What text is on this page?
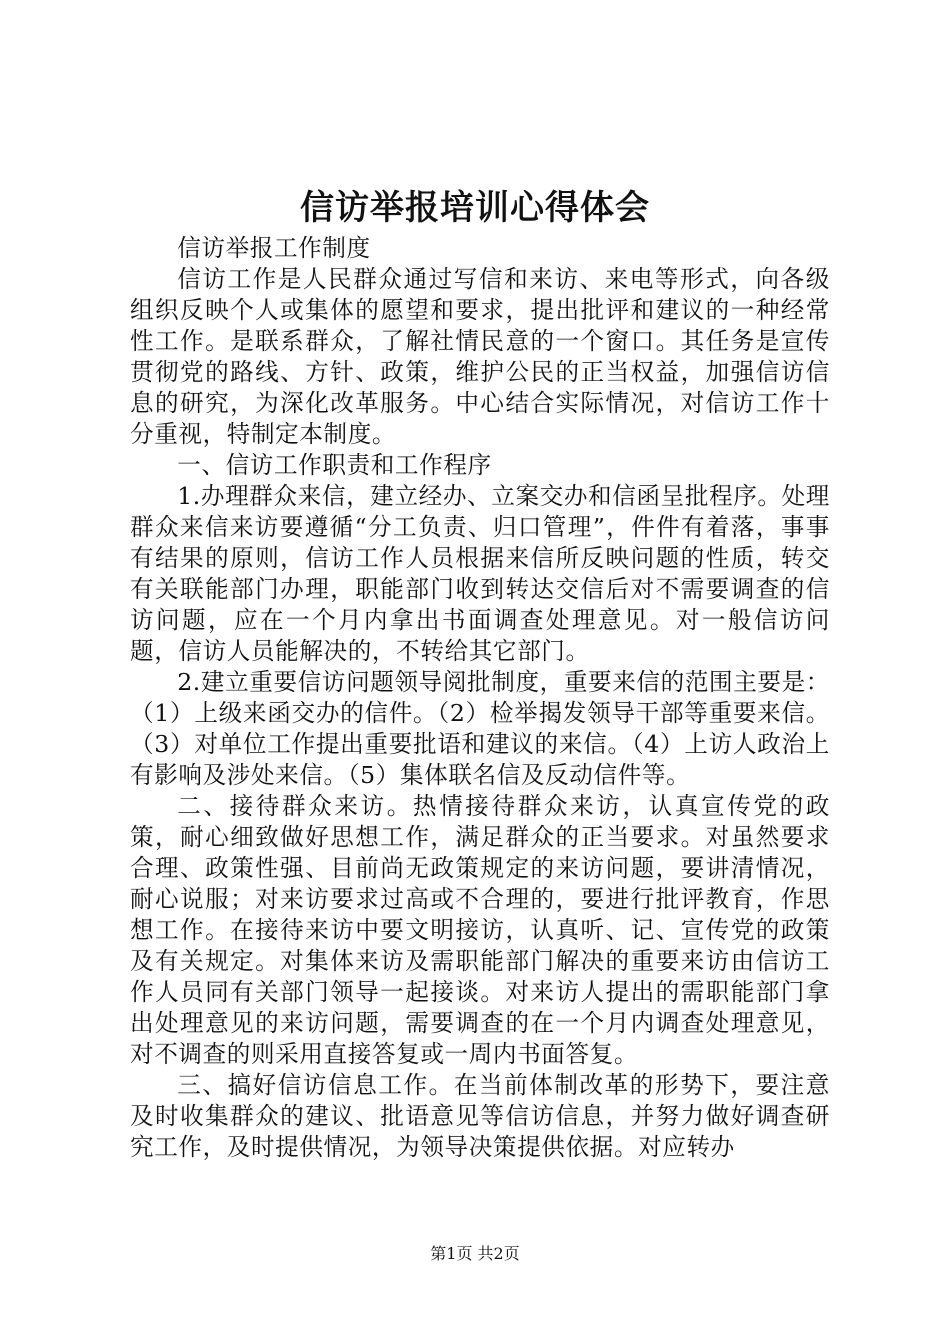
信访举报培训心得体会

信访举报工作制度

信访工作是人民群众通过写信和来访、来电等形式，向各级组织反映个人或集体的愿望和要求，提出批评和建议的一种经常性工作。是联系群众，了解社情民意的一个窗口。其任务是宣传贯彻党的路线、方针、政策，维护公民的正当权益，加强信访信息的研究，为深化改革服务。中心结合实际情况，对信访工作十分重视，特制定本制度。

一、信访工作职责和工作程序

1.办理群众来信，建立经办、立案交办和信函呈批程序。处理群众来信来访要遵循“分工负责、归口管理”，件件有着落，事事有结果的原则，信访工作人员根据来信所反映问题的性质，转交有关联能部门办理，职能部门收到转达交信后对不需要调查的信访问题，应在一个月内拿出书面调查处理意见。对一般信访问题，信访人员能解决的，不转给其它部门。

2.建立重要信访问题领导阅批制度，重要来信的范围主要是：（1）上级来函交办的信件。（2）检举揭发领导干部等重要来信。（3）对单位工作提出重要批语和建议的来信。（4）上访人政治上有影响及涉处来信。（5）集体联名信及反动信件等。

二、接待群众来访。热情接待群众来访，认真宣传党的政策，耐心细致做好思想工作，满足群众的正当要求。对虽然要求合理、政策性强、目前尚无政策规定的来访问题，要讲清情况，耐心说服；对来访要求过高或不合理的，要进行批评教育，作思想工作。在接待来访中要文明接访，认真听、记、宣传党的政策及有关规定。对集体来访及需职能部门解决的重要来访由信访工作人员同有关部门领导一起接谈。对来访人提出的需职能部门拿出处理意见的来访问题，需要调查的在一个月内调查处理意见，对不调查的则采用直接答复或一周内书面答复。

三、搞好信访信息工作。在当前体制改革的形势下，要注意及时收集群众的建议、批语意见等信访信息，并努力做好调查研究工作，及时提供情况，为领导决策提供依据。对应转办

第1页 共2页
